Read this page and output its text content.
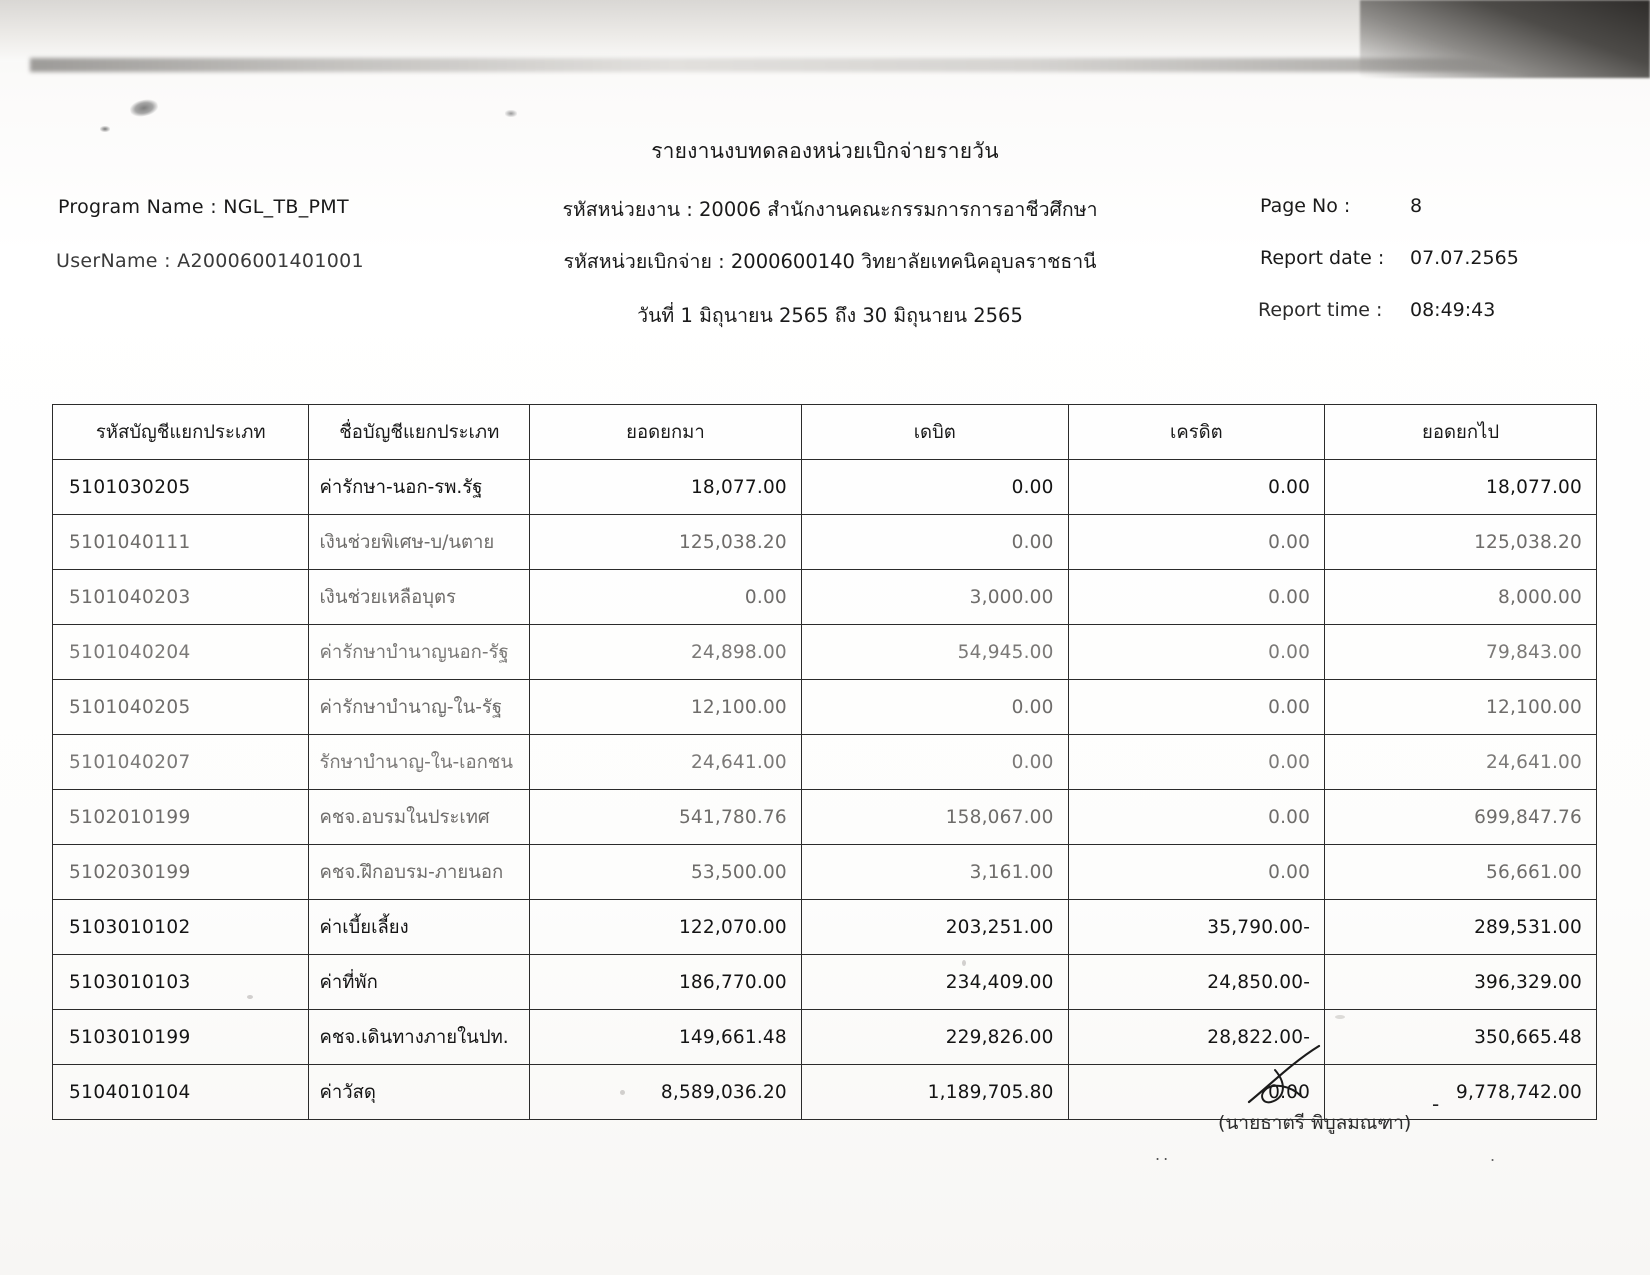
รายงานงบทดลองหน่วยเบิกจ่ายรายวัน
Program Name : NGL_TB_PMT
UserName : A20006001401001
รหัสหน่วยงาน : 20006 สำนักงานคณะกรรมการการอาชีวศึกษา
รหัสหน่วยเบิกจ่าย : 2000600140 วิทยาลัยเทคนิคอุบลราชธานี
วันที่ 1 มิถุนายน 2565 ถึง 30 มิถุนายน 2565
Page No :	8
Report date : 07.07.2565
Report time : 08:49:43
รหัสบัญชีแยกประเภท	ชื่อบัญชีแยกประเภท	ยอดยกมา	เดบิต	เครดิต	ยอดยกไป

5101030205	ค่ารักษา-นอก-รพ.รัฐ	18,077.00	0.00	0.00	18,077.00

5101040111	เงินช่วยพิเศษ-บ/นตาย	125,038.20	0.00	0.00	125,038.20

5101040203	เงินช่วยเหลือบุตร	0.00	3,000.00	0.00	8,000.00

5101040204	ค่ารักษาบำนาญนอก-รัฐ	24,898.00	54,945.00	0.00	79,843.00

5101040205	ค่ารักษาบำนาญ-ใน-รัฐ	12,100.00	0.00	0.00	12,100.00

5101040207	รักษาบำนาญ-ใน-เอกชน	24,641.00	0.00	0.00	24,641.00

5102010199	คชจ.อบรมในประเทศ	541,780.76	158,067.00	0.00	699,847.76

5102030199	คชจ.ฝึกอบรม-ภายนอก	53,500.00	3,161.00	0.00	56,661.00

5103010102	ค่าเบี้ยเลี้ยง	122,070.00	203,251.00	35,790.00-	289,531.00

5103010103	ค่าที่พัก	186,770.00	234,409.00	24,850.00-	396,329.00

5103010199	คชจ.เดินทางภายในปท.	149,661.48	229,826.00	28,822.00-	350,665.48

5104010104	ค่าวัสดุ	8,589,036.20	1,189,705.80	0.00	9,778,742.00
-
(นายธาตรี พิบูลมณฑา)
..	.
